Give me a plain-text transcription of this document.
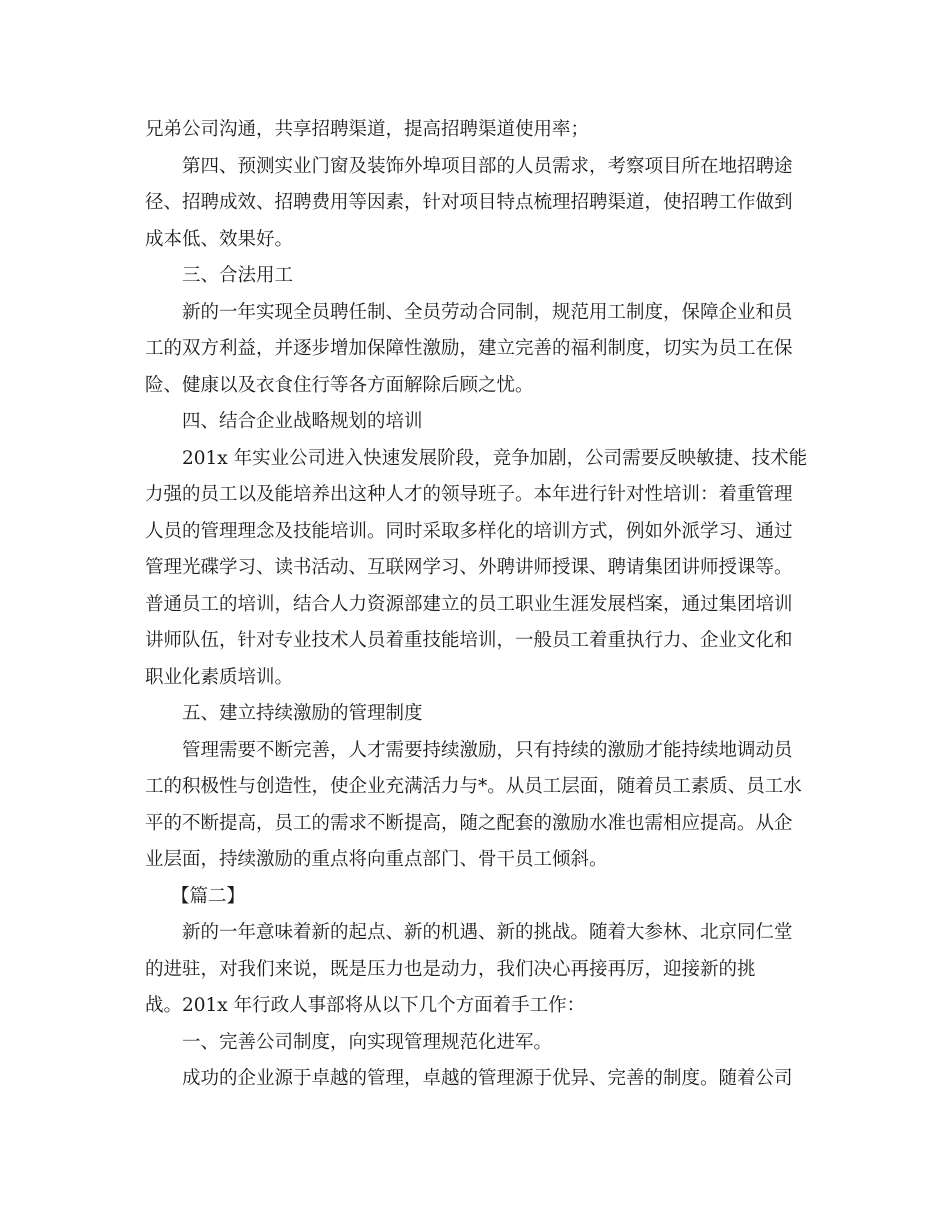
兄弟公司沟通，共享招聘渠道，提高招聘渠道使用率；
第四、预测实业门窗及装饰外埠项目部的人员需求，考察项目所在地招聘途
径、招聘成效、招聘费用等因素，针对项目特点梳理招聘渠道，使招聘工作做到
成本低、效果好。
三、合法用工
新的一年实现全员聘任制、全员劳动合同制，规范用工制度，保障企业和员
工的双方利益，并逐步增加保障性激励，建立完善的福利制度，切实为员工在保
险、健康以及衣食住行等各方面解除后顾之忧。
四、结合企业战略规划的培训
201x 年实业公司进入快速发展阶段，竞争加剧，公司需要反映敏捷、技术能
力强的员工以及能培养出这种人才的领导班子。本年进行针对性培训：着重管理
人员的管理理念及技能培训。同时采取多样化的培训方式，例如外派学习、通过
管理光碟学习、读书活动、互联网学习、外聘讲师授课、聘请集团讲师授课等。
普通员工的培训，结合人力资源部建立的员工职业生涯发展档案，通过集团培训
讲师队伍，针对专业技术人员着重技能培训，一般员工着重执行力、企业文化和
职业化素质培训。
五、建立持续激励的管理制度
管理需要不断完善，人才需要持续激励，只有持续的激励才能持续地调动员
工的积极性与创造性，使企业充满活力与*。从员工层面，随着员工素质、员工水
平的不断提高，员工的需求不断提高，随之配套的激励水准也需相应提高。从企
业层面，持续激励的重点将向重点部门、骨干员工倾斜。
【篇二】
新的一年意味着新的起点、新的机遇、新的挑战。随着大参林、北京同仁堂
的进驻，对我们来说，既是压力也是动力，我们决心再接再厉，迎接新的挑
战。201x 年行政人事部将从以下几个方面着手工作：
一、完善公司制度，向实现管理规范化进军。
成功的企业源于卓越的管理，卓越的管理源于优异、完善的制度。随着公司
